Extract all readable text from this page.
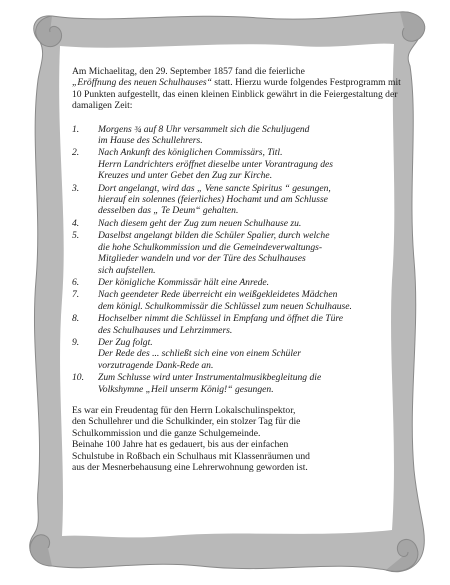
Am Michaelitag, den 29. September 1857 fand die feierliche
„Eröffnung des neuen Schulhauses“ statt. Hierzu wurde folgendes Festprogramm mit 10 Punkten aufgestellt, das einen kleinen Einblick gewährt in die Feiergestaltung der damaligen Zeit:

1.	Morgens ¾ auf 8 Uhr versammelt sich die Schuljugend
im Hause des Schullehrers.
2.	Nach Ankunft des königlichen Commissärs, Titl.
Herrn Landrichters eröffnet dieselbe unter Vorantragung des
Kreuzes und unter Gebet den Zug zur Kirche.
3.	Dort angelangt, wird das „ Vene sancte Spiritus “ gesungen,
hierauf ein solennes (feierliches) Hochamt und am Schlusse
desselben das „ Te Deum“ gehalten.
4.	Nach diesem geht der Zug zum neuen Schulhause zu.
5.	Daselbst angelangt bilden die Schüler Spalier, durch welche
die hohe Schulkommission und die Gemeindeverwaltungs-
Mitglieder wandeln und vor der Türe des Schulhauses
sich aufstellen.
6.	Der königliche Kommissär hält eine Anrede.
7.	Nach geendeter Rede überreicht ein weißgekleidetes Mädchen
dem königl. Schulkommissär die Schlüssel zum neuen Schulhause.
8.	Hochselber nimmt die Schlüssel in Empfang und öffnet die Türe
des Schulhauses und Lehrzimmers.
9.	Der Zug folgt.
Der Rede des ... schließt sich eine von einem Schüler
vorzutragende Dank-Rede an.
10.	Zum Schlusse wird unter Instrumentalmusikbegleitung die
Volkshymne „Heil unserm König!“ gesungen.

Es war ein Freudentag für den Herrn Lokalschulinspektor,
den Schullehrer und die Schulkinder, ein stolzer Tag für die
Schulkommission und die ganze Schulgemeinde.
Beinahe 100 Jahre hat es gedauert, bis aus der einfachen
Schulstube in Roßbach ein Schulhaus mit Klassenräumen und
aus der Mesnerbehausung eine Lehrerwohnung geworden ist.
